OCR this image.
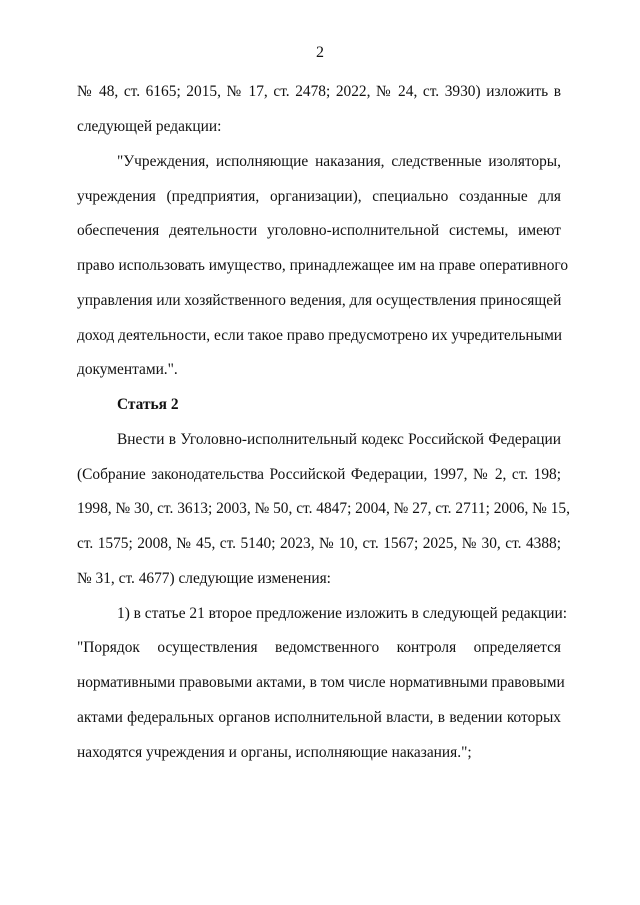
2
№ 48, ст. 6165; 2015, № 17, ст. 2478; 2022, № 24, ст. 3930) изложить в
следующей редакции:
"Учреждения, исполняющие наказания, следственные изоляторы,
учреждения (предприятия, организации), специально созданные для
обеспечения деятельности уголовно-исполнительной системы, имеют
право использовать имущество, принадлежащее им на праве оперативного
управления или хозяйственного ведения, для осуществления приносящей
доход деятельности, если такое право предусмотрено их учредительными
документами.".
Статья 2
Внести в Уголовно-исполнительный кодекс Российской Федерации
(Собрание законодательства Российской Федерации, 1997, № 2, ст. 198;
1998, № 30, ст. 3613; 2003, № 50, ст. 4847; 2004, № 27, ст. 2711; 2006, № 15,
ст. 1575; 2008, № 45, ст. 5140; 2023, № 10, ст. 1567; 2025, № 30, ст. 4388;
№ 31, ст. 4677) следующие изменения:
1) в статье 21 второе предложение изложить в следующей редакции:
"Порядок осуществления ведомственного контроля определяется
нормативными правовыми актами, в том числе нормативными правовыми
актами федеральных органов исполнительной власти, в ведении которых
находятся учреждения и органы, исполняющие наказания.";
